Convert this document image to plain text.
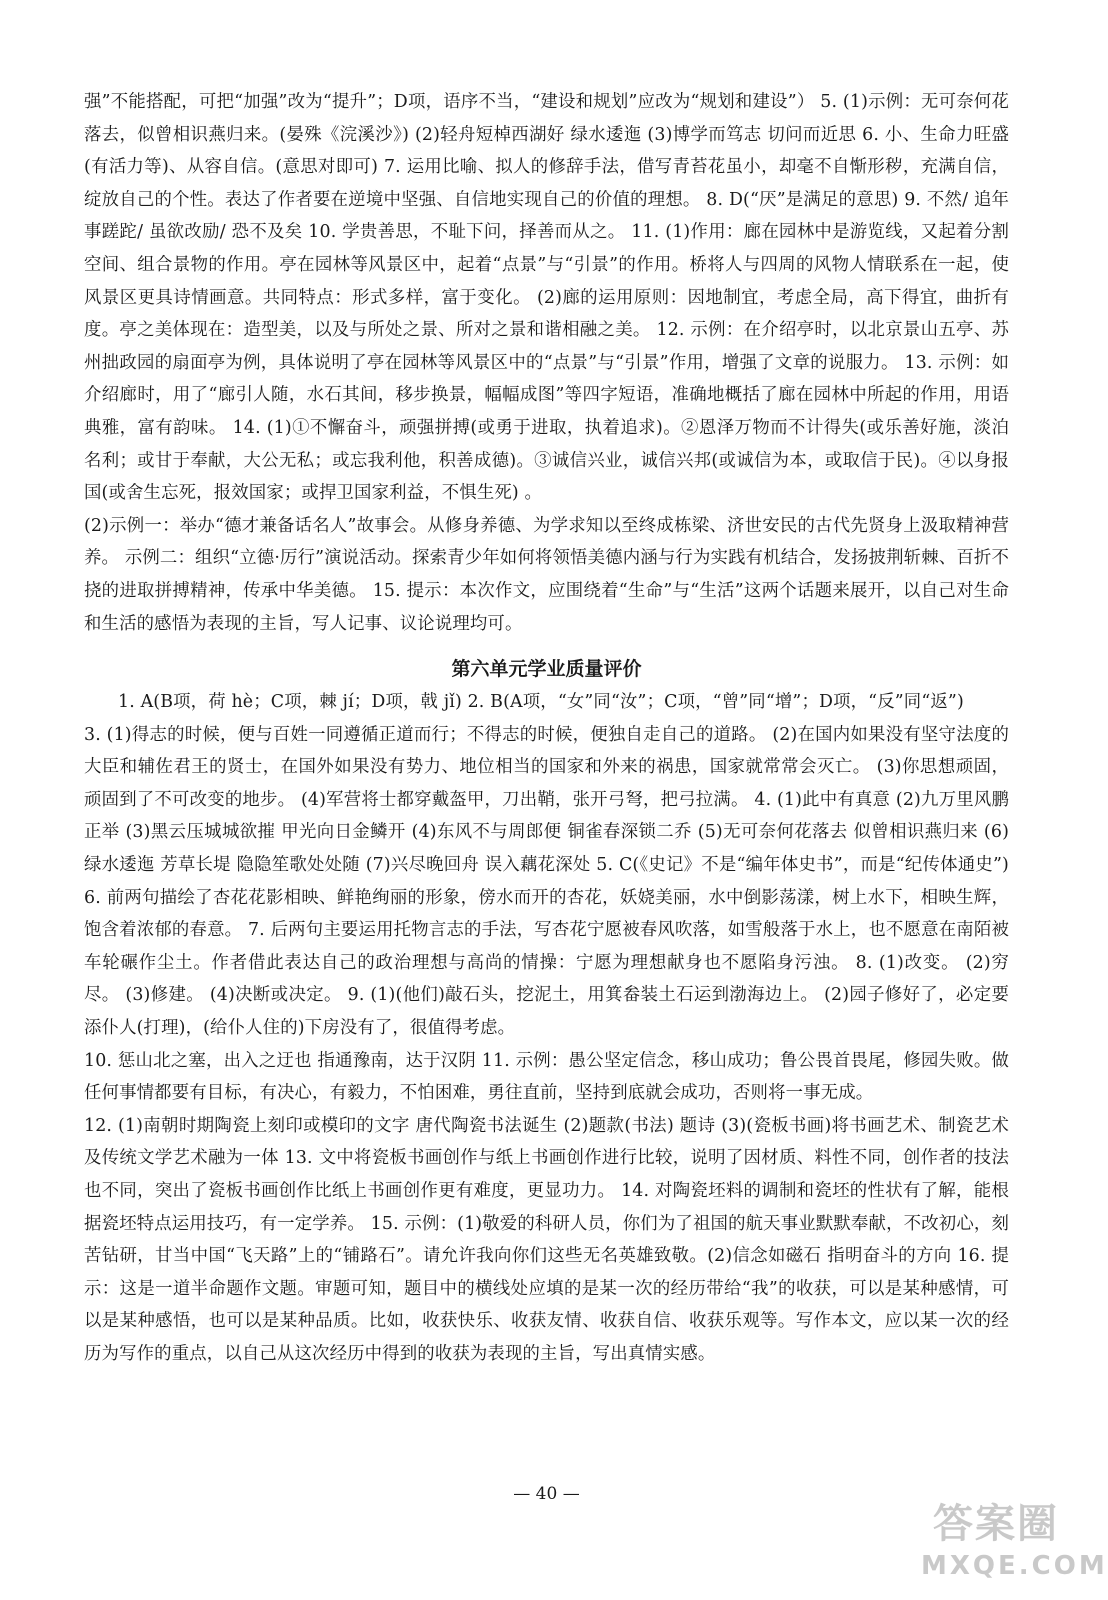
强”不能搭配，可把“加强”改为“提升”；D项，语序不当，“建设和规划”应改为“规划和建设”） 5. (1)示例：无可奈何花落去，似曾相识燕归来。(晏殊《浣溪沙》) (2)轻舟短棹西湖好 绿水逶迤 (3)博学而笃志 切问而近思 6. 小、生命力旺盛(有活力等)、从容自信。(意思对即可) 7. 运用比喻、拟人的修辞手法，借写青苔花虽小，却毫不自惭形秽，充满自信，绽放自己的个性。表达了作者要在逆境中坚强、自信地实现自己的价值的理想。 8. D(“厌”是满足的意思) 9. 不然/ 追年事蹉跎/ 虽欲改励/ 恐不及矣 10. 学贵善思，不耻下问，择善而从之。 11. (1)作用：廊在园林中是游览线，又起着分割空间、组合景物的作用。亭在园林等风景区中，起着“点景”与“引景”的作用。桥将人与四周的风物人情联系在一起，使风景区更具诗情画意。共同特点：形式多样，富于变化。 (2)廊的运用原则：因地制宜，考虑全局，高下得宜，曲折有度。亭之美体现在：造型美，以及与所处之景、所对之景和谐相融之美。 12. 示例：在介绍亭时，以北京景山五亭、苏州拙政园的扇面亭为例，具体说明了亭在园林等风景区中的“点景”与“引景”作用，增强了文章的说服力。 13. 示例：如介绍廊时，用了“廊引人随，水石其间，移步换景，幅幅成图”等四字短语，准确地概括了廊在园林中所起的作用，用语典雅，富有韵味。 14. (1)①不懈奋斗，顽强拼搏(或勇于进取，执着追求)。②恩泽万物而不计得失(或乐善好施，淡泊名利；或甘于奉献，大公无私；或忘我利他，积善成德)。③诚信兴业，诚信兴邦(或诚信为本，或取信于民)。④以身报国(或舍生忘死，报效国家；或捍卫国家利益，不惧生死) 。

(2)示例一：举办“德才兼备话名人”故事会。从修身养德、为学求知以至终成栋梁、济世安民的古代先贤身上汲取精神营养。 示例二：组织“立德·厉行”演说活动。探索青少年如何将领悟美德内涵与行为实践有机结合，发扬披荆斩棘、百折不挠的进取拼搏精神，传承中华美德。 15. 提示：本次作文，应围绕着“生命”与“生活”这两个话题来展开，以自己对生命和生活的感悟为表现的主旨，写人记事、议论说理均可。

第六单元学业质量评价

1. A(B项，荷 hè；C项，棘 jí；D项，戟 jǐ) 2. B(A项，“女”同“汝”；C项，“曾”同“增”；D项，“反”同“返”)

3. (1)得志的时候，便与百姓一同遵循正道而行；不得志的时候，便独自走自己的道路。 (2)在国内如果没有坚守法度的大臣和辅佐君王的贤士，在国外如果没有势力、地位相当的国家和外来的祸患，国家就常常会灭亡。 (3)你思想顽固，顽固到了不可改变的地步。 (4)军营将士都穿戴盔甲，刀出鞘，张开弓弩，把弓拉满。 4. (1)此中有真意 (2)九万里风鹏正举 (3)黑云压城城欲摧 甲光向日金鳞开 (4)东风不与周郎便 铜雀春深锁二乔 (5)无可奈何花落去 似曾相识燕归来 (6)绿水逶迤 芳草长堤 隐隐笙歌处处随 (7)兴尽晚回舟 误入藕花深处 5. C(《史记》不是“编年体史书”，而是“纪传体通史”) 6. 前两句描绘了杏花花影相映、鲜艳绚丽的形象，傍水而开的杏花，妖娆美丽，水中倒影荡漾，树上水下，相映生辉，饱含着浓郁的春意。 7. 后两句主要运用托物言志的手法，写杏花宁愿被春风吹落，如雪般落于水上，也不愿意在南陌被车轮碾作尘土。作者借此表达自己的政治理想与高尚的情操：宁愿为理想献身也不愿陷身污浊。 8. (1)改变。 (2)穷尽。 (3)修建。 (4)决断或决定。 9. (1)(他们)敲石头，挖泥土，用箕畚装土石运到渤海边上。 (2)园子修好了，必定要添仆人(打理)，(给仆人住的)下房没有了，很值得考虑。

10. 惩山北之塞，出入之迂也 指通豫南，达于汉阴 11. 示例：愚公坚定信念，移山成功；鲁公畏首畏尾，修园失败。做任何事情都要有目标，有决心，有毅力，不怕困难，勇往直前，坚持到底就会成功，否则将一事无成。

12. (1)南朝时期陶瓷上刻印或模印的文字 唐代陶瓷书法诞生 (2)题款(书法) 题诗 (3)(瓷板书画)将书画艺术、制瓷艺术及传统文学艺术融为一体 13. 文中将瓷板书画创作与纸上书画创作进行比较，说明了因材质、料性不同，创作者的技法也不同，突出了瓷板书画创作比纸上书画创作更有难度，更显功力。 14. 对陶瓷坯料的调制和瓷坯的性状有了解，能根据瓷坯特点运用技巧，有一定学养。 15. 示例：(1)敬爱的科研人员，你们为了祖国的航天事业默默奉献，不改初心，刻苦钻研，甘当中国“飞天路”上的“铺路石”。请允许我向你们这些无名英雄致敬。(2)信念如磁石 指明奋斗的方向 16. 提示：这是一道半命题作文题。审题可知，题目中的横线处应填的是某一次的经历带给“我”的收获，可以是某种感情，可以是某种感悟，也可以是某种品质。比如，收获快乐、收获友情、收获自信、收获乐观等。写作本文，应以某一次的经历为写作的重点，以自己从这次经历中得到的收获为表现的主旨，写出真情实感。

— 40 —
答案圈
MXQE.COM
